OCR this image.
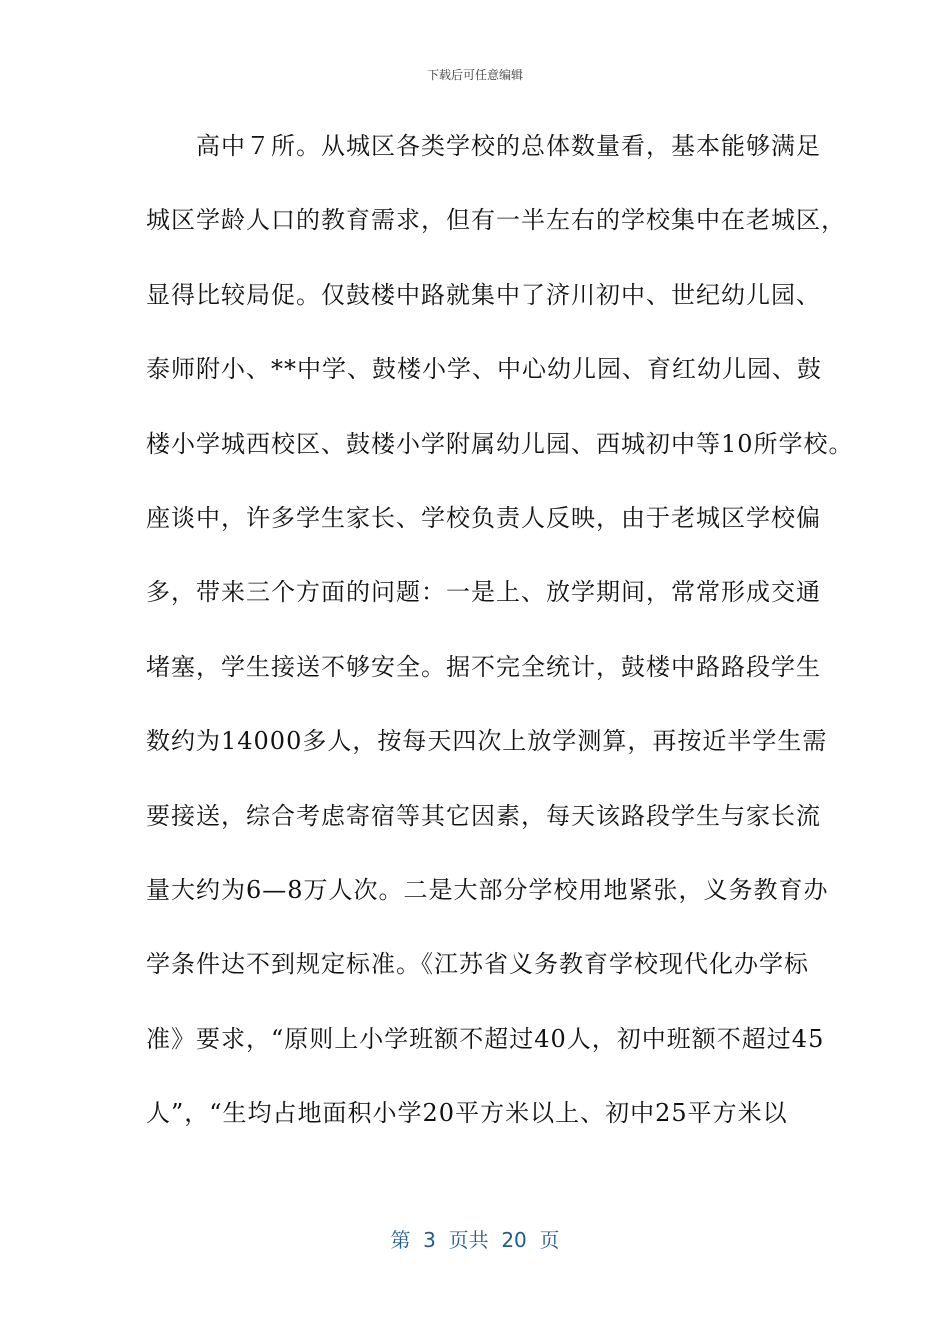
下载后可任意编辑
　　高中７所。从城区各类学校的总体数量看，基本能够满足
城区学龄人口的教育需求，但有一半左右的学校集中在老城区，
显得比较局促。仅鼓楼中路就集中了济川初中、世纪幼儿园、
泰师附小、**中学、鼓楼小学、中心幼儿园、育红幼儿园、鼓
楼小学城西校区、鼓楼小学附属幼儿园、西城初中等10所学校。
座谈中，许多学生家长、学校负责人反映，由于老城区学校偏
多，带来三个方面的问题：一是上、放学期间，常常形成交通
堵塞，学生接送不够安全。据不完全统计，鼓楼中路路段学生
数约为14000多人，按每天四次上放学测算，再按近半学生需
要接送，综合考虑寄宿等其它因素，每天该路段学生与家长流
量大约为6—8万人次。二是大部分学校用地紧张，义务教育办
学条件达不到规定标准。《江苏省义务教育学校现代化办学标
准》要求，“原则上小学班额不超过40人，初中班额不超过45
人”，“生均占地面积小学20平方米以上、初中25平方米以
第  3  页共  20  页
